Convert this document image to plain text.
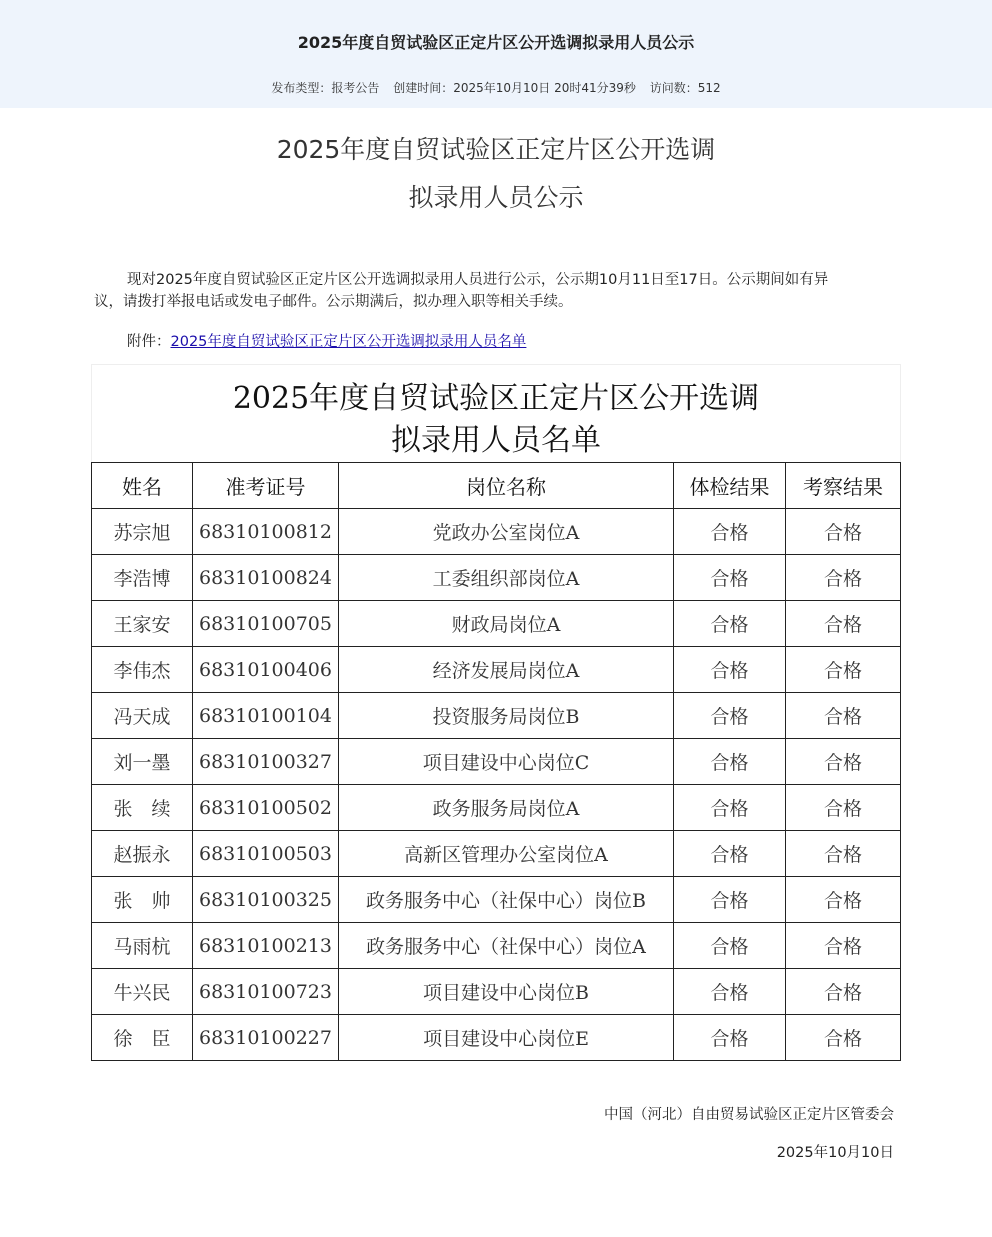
2025年度自贸试验区正定片区公开选调拟录用人员公示
发布类型：报考公告 创建时间：2025年10月10日 20时41分39秒 访问数：512
2025年度自贸试验区正定片区公开选调
拟录用人员公示
现对2025年度自贸试验区正定片区公开选调拟录用人员进行公示，公示期10月11日至17日。公示期间如有异
议，请拨打举报电话或发电子邮件。公示期满后，拟办理入职等相关手续。
附件：2025年度自贸试验区正定片区公开选调拟录用人员名单
2025年度自贸试验区正定片区公开选调
拟录用人员名单
姓名	准考证号	岗位名称	体检结果	考察结果
苏宗旭	68310100812	党政办公室岗位A	合格	合格
李浩博	68310100824	工委组织部岗位A	合格	合格
王家安	68310100705	财政局岗位A	合格	合格
李伟杰	68310100406	经济发展局岗位A	合格	合格
冯天成	68310100104	投资服务局岗位B	合格	合格
刘一墨	68310100327	项目建设中心岗位C	合格	合格
张　续	68310100502	政务服务局岗位A	合格	合格
赵振永	68310100503	高新区管理办公室岗位A	合格	合格
张　帅	68310100325	政务服务中心（社保中心）岗位B	合格	合格
马雨杭	68310100213	政务服务中心（社保中心）岗位A	合格	合格
牛兴民	68310100723	项目建设中心岗位B	合格	合格
徐　臣	68310100227	项目建设中心岗位E	合格	合格
中国（河北）自由贸易试验区正定片区管委会
2025年10月10日
